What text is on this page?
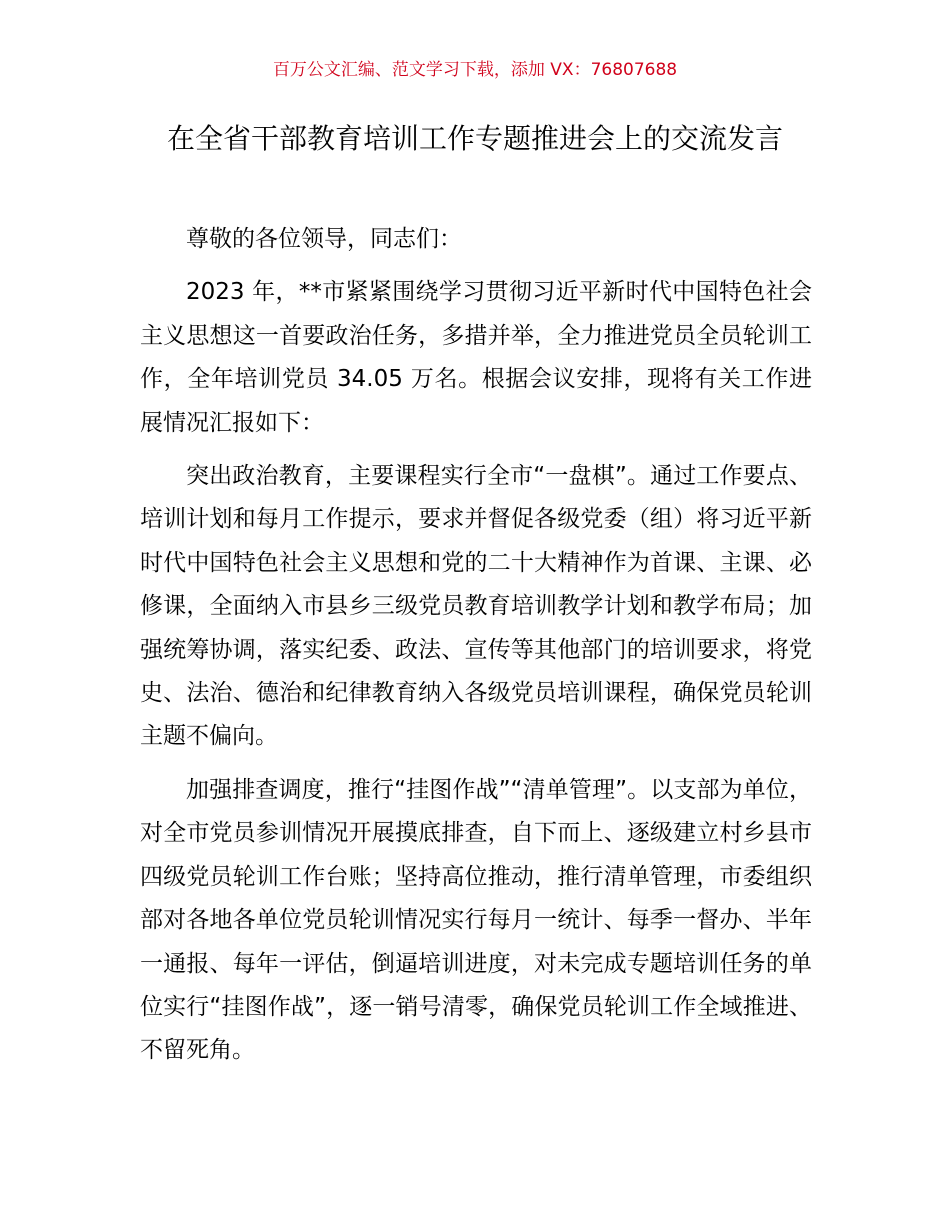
百万公文汇编、范文学习下载，添加 VX：76807688
在全省干部教育培训工作专题推进会上的交流发言

尊敬的各位领导，同志们：

2023 年，**市紧紧围绕学习贯彻习近平新时代中国特色社会主义思想这一首要政治任务，多措并举，全力推进党员全员轮训工作，全年培训党员 34.05 万名。根据会议安排，现将有关工作进展情况汇报如下：

突出政治教育，主要课程实行全市“一盘棋”。通过工作要点、培训计划和每月工作提示，要求并督促各级党委（组）将习近平新时代中国特色社会主义思想和党的二十大精神作为首课、主课、必修课，全面纳入市县乡三级党员教育培训教学计划和教学布局；加强统筹协调，落实纪委、政法、宣传等其他部门的培训要求，将党史、法治、德治和纪律教育纳入各级党员培训课程，确保党员轮训主题不偏向。

加强排查调度，推行“挂图作战”“清单管理”。以支部为单位，对全市党员参训情况开展摸底排查，自下而上、逐级建立村乡县市四级党员轮训工作台账；坚持高位推动，推行清单管理，市委组织部对各地各单位党员轮训情况实行每月一统计、每季一督办、半年一通报、每年一评估，倒逼培训进度，对未完成专题培训任务的单位实行“挂图作战”，逐一销号清零，确保党员轮训工作全域推进、不留死角。
